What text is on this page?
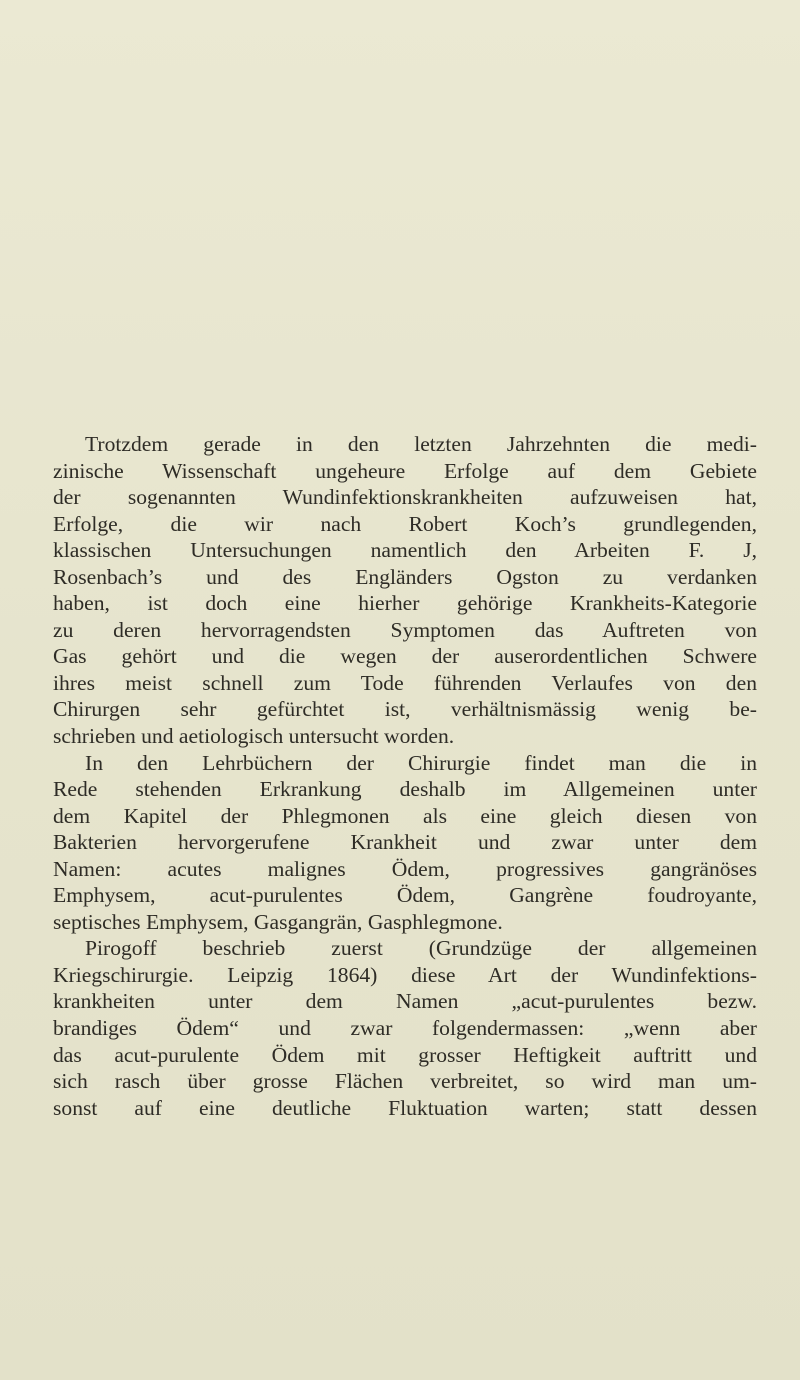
Trotzdem gerade in den letzten Jahrzehnten die medi-
zinische Wissenschaft ungeheure Erfolge auf dem Gebiete
der sogenannten Wundinfektionskrankheiten aufzuweisen hat,
Erfolge, die wir nach Robert Koch’s grundlegenden,
klassischen Untersuchungen namentlich den Arbeiten F. J,
Rosenbach’s und des Engländers Ogston zu verdanken
haben, ist doch eine hierher gehörige Krankheits-Kategorie
zu deren hervorragendsten Symptomen das Auftreten von
Gas gehört und die wegen der auserordentlichen Schwere
ihres meist schnell zum Tode führenden Verlaufes von den
Chirurgen sehr gefürchtet ist, verhältnismässig wenig be-
schrieben und aetiologisch untersucht worden.
In den Lehrbüchern der Chirurgie findet man die in
Rede stehenden Erkrankung deshalb im Allgemeinen unter
dem Kapitel der Phlegmonen als eine gleich diesen von
Bakterien hervorgerufene Krankheit und zwar unter dem
Namen: acutes malignes Ödem, progressives gangränöses
Emphysem, acut-purulentes Ödem, Gangrène foudroyante,
septisches Emphysem, Gasgangrän, Gasphlegmone.
Pirogoff beschrieb zuerst (Grundzüge der allgemeinen
Kriegschirurgie. Leipzig 1864) diese Art der Wundinfektions-
krankheiten unter dem Namen „acut-purulentes bezw.
brandiges Ödem“ und zwar folgendermassen: „wenn aber
das acut-purulente Ödem mit grosser Heftigkeit auftritt und
sich rasch über grosse Flächen verbreitet, so wird man um-
sonst auf eine deutliche Fluktuation warten; statt dessen
